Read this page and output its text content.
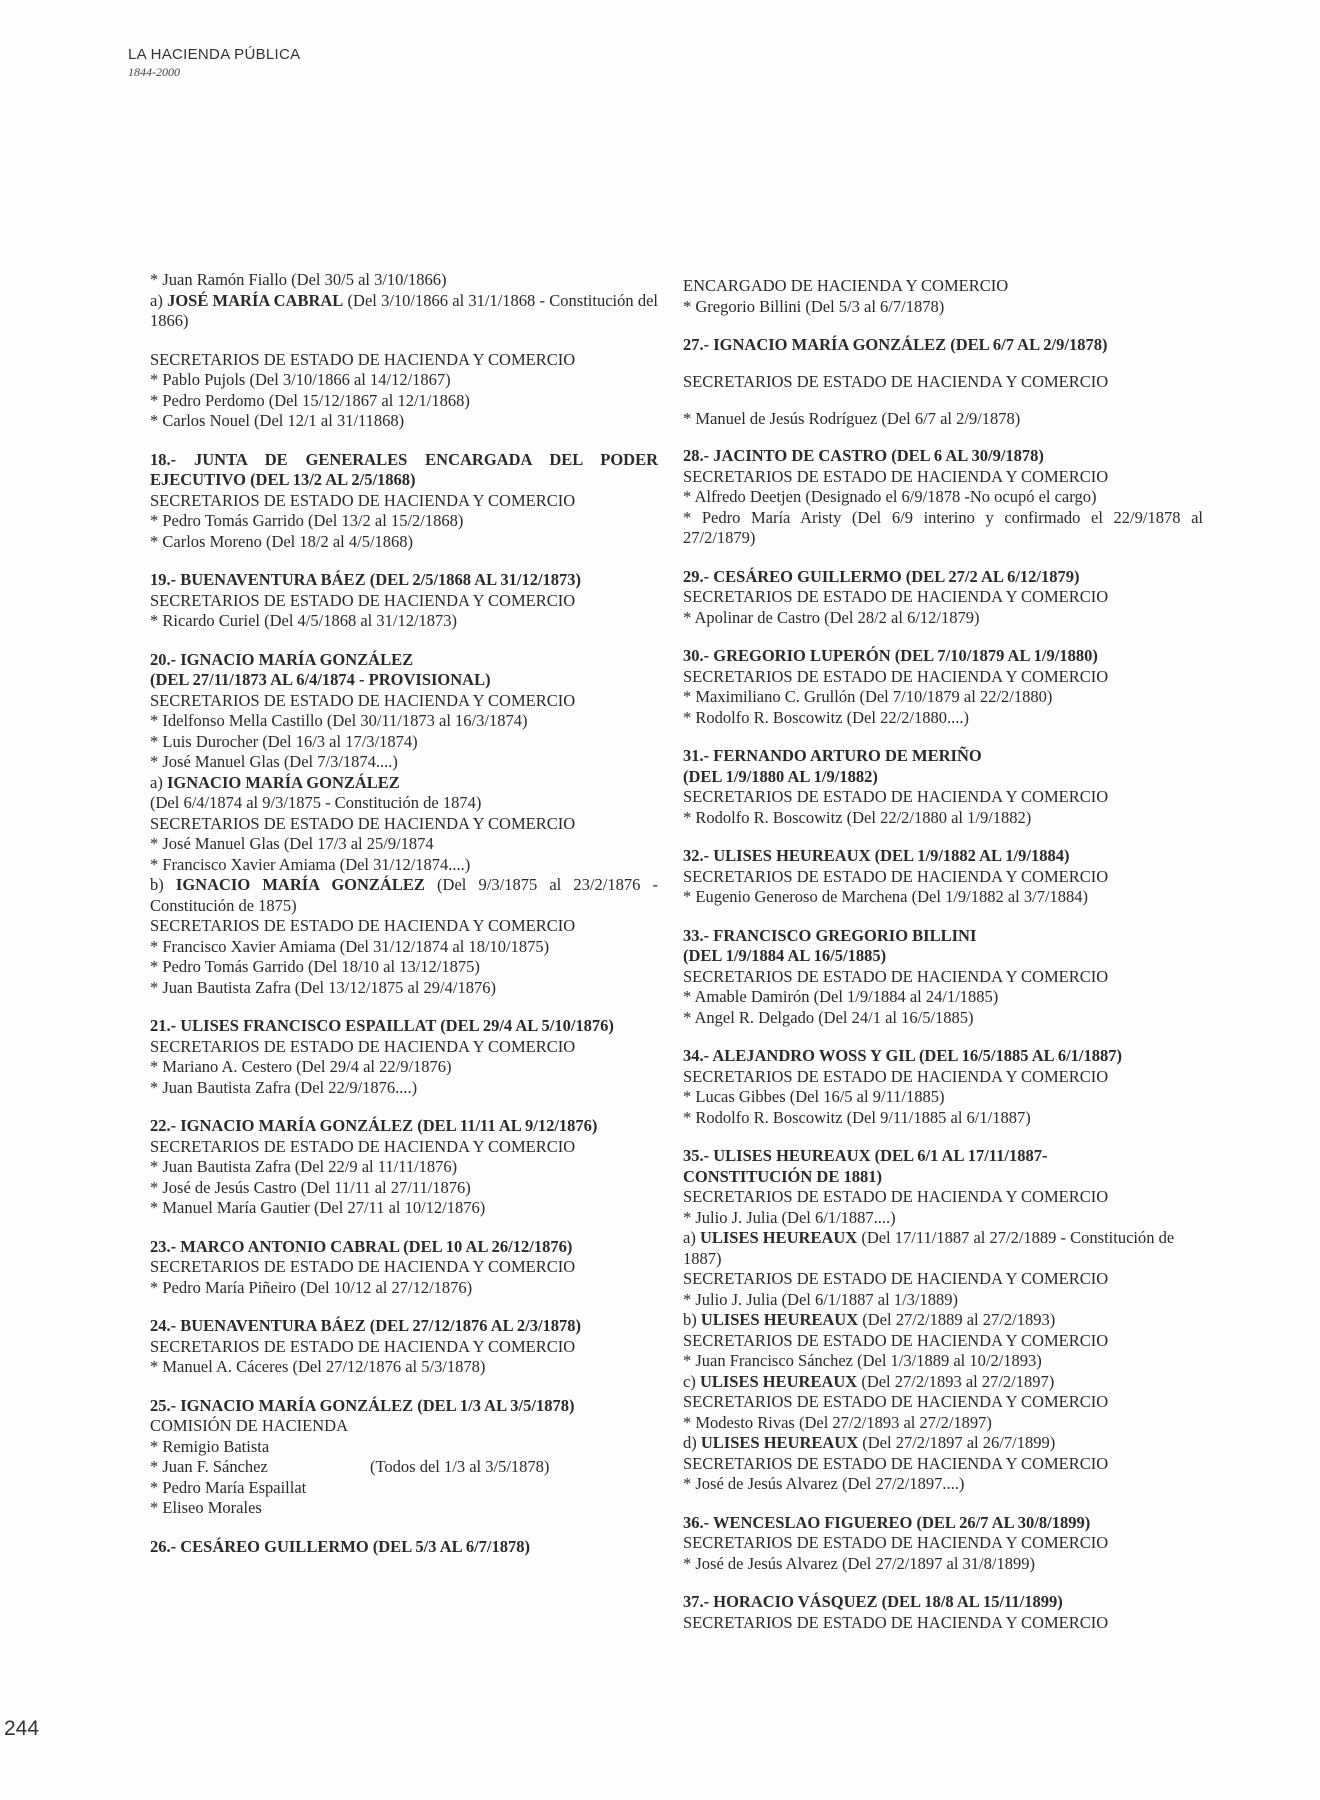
LA HACIENDA PÚBLICA
1844-2000

* Juan Ramón Fiallo (Del 30/5 al 3/10/1866)

a) JOSÉ MARÍA CABRAL (Del 3/10/1866 al 31/1/1868 - Constitución del 1866)

SECRETARIOS DE ESTADO DE HACIENDA Y COMERCIO

* Pablo Pujols (Del 3/10/1866 al 14/12/1867)

* Pedro Perdomo (Del 15/12/1867 al 12/1/1868)

* Carlos Nouel (Del 12/1 al 31/11868)

18.- JUNTA DE GENERALES ENCARGADA DEL PODER EJECUTIVO (DEL 13/2 AL 2/5/1868)

SECRETARIOS DE ESTADO DE HACIENDA Y COMERCIO

* Pedro Tomás Garrido (Del 13/2 al 15/2/1868)

* Carlos Moreno (Del 18/2 al 4/5/1868)

19.- BUENAVENTURA BÁEZ (DEL 2/5/1868 AL 31/12/1873)

SECRETARIOS DE ESTADO DE HACIENDA Y COMERCIO

* Ricardo Curiel (Del 4/5/1868 al 31/12/1873)

20.- IGNACIO MARÍA GONZÁLEZ

(DEL 27/11/1873 AL 6/4/1874 - PROVISIONAL)

SECRETARIOS DE ESTADO DE HACIENDA Y COMERCIO

* Idelfonso Mella Castillo (Del 30/11/1873 al 16/3/1874)

* Luis Durocher (Del 16/3 al 17/3/1874)

* José Manuel Glas (Del 7/3/1874....)

a) IGNACIO MARÍA GONZÁLEZ

(Del 6/4/1874 al 9/3/1875 - Constitución de 1874)

SECRETARIOS DE ESTADO DE HACIENDA Y COMERCIO

* José Manuel Glas (Del 17/3 al 25/9/1874

* Francisco Xavier Amiama (Del 31/12/1874....)

b) IGNACIO MARÍA GONZÁLEZ (Del 9/3/1875 al 23/2/1876 - Constitución de 1875)

SECRETARIOS DE ESTADO DE HACIENDA Y COMERCIO

* Francisco Xavier Amiama (Del 31/12/1874 al 18/10/1875)

* Pedro Tomás Garrido (Del 18/10 al 13/12/1875)

* Juan Bautista Zafra (Del 13/12/1875 al 29/4/1876)

21.- ULISES FRANCISCO ESPAILLAT (DEL 29/4 AL 5/10/1876)

SECRETARIOS DE ESTADO DE HACIENDA Y COMERCIO

* Mariano A. Cestero (Del 29/4 al 22/9/1876)

* Juan Bautista Zafra (Del 22/9/1876....)

22.- IGNACIO MARÍA GONZÁLEZ (DEL 11/11 AL 9/12/1876)

SECRETARIOS DE ESTADO DE HACIENDA Y COMERCIO

* Juan Bautista Zafra (Del 22/9 al 11/11/1876)

* José de Jesús Castro (Del 11/11 al 27/11/1876)

* Manuel María Gautier (Del 27/11 al 10/12/1876)

23.- MARCO ANTONIO CABRAL (DEL 10 AL 26/12/1876)

SECRETARIOS DE ESTADO DE HACIENDA Y COMERCIO

* Pedro María Piñeiro (Del 10/12 al 27/12/1876)

24.- BUENAVENTURA BÁEZ (DEL 27/12/1876 AL 2/3/1878)

SECRETARIOS DE ESTADO DE HACIENDA Y COMERCIO

* Manuel A. Cáceres (Del 27/12/1876 al 5/3/1878)

25.- IGNACIO MARÍA GONZÁLEZ (DEL 1/3 AL 3/5/1878)

COMISIÓN DE HACIENDA

* Remigio Batista

* Juan F. Sánchez

* Pedro María Espaillat

* Eliseo Morales

(Todos del 1/3 al 3/5/1878)

26.- CESÁREO GUILLERMO (DEL 5/3 AL 6/7/1878)

ENCARGADO DE HACIENDA Y COMERCIO

* Gregorio Billini (Del 5/3 al 6/7/1878)

27.- IGNACIO MARÍA GONZÁLEZ (DEL 6/7 AL 2/9/1878)

SECRETARIOS DE ESTADO DE HACIENDA Y COMERCIO

* Manuel de Jesús Rodríguez (Del 6/7 al 2/9/1878)

28.- JACINTO DE CASTRO (DEL 6 AL 30/9/1878)

SECRETARIOS DE ESTADO DE HACIENDA Y COMERCIO

* Alfredo Deetjen (Designado el 6/9/1878 -No ocupó el cargo)

* Pedro María Aristy (Del 6/9 interino y confirmado el 22/9/1878 al 27/2/1879)

29.- CESÁREO GUILLERMO (DEL 27/2 AL 6/12/1879)

SECRETARIOS DE ESTADO DE HACIENDA Y COMERCIO

* Apolinar de Castro (Del 28/2 al 6/12/1879)

30.- GREGORIO LUPERÓN (DEL 7/10/1879 AL 1/9/1880)

SECRETARIOS DE ESTADO DE HACIENDA Y COMERCIO

* Maximiliano C. Grullón (Del 7/10/1879 al 22/2/1880)

* Rodolfo R. Boscowitz (Del 22/2/1880....)

31.- FERNANDO ARTURO DE MERIÑO

(DEL 1/9/1880 AL 1/9/1882)

SECRETARIOS DE ESTADO DE HACIENDA Y COMERCIO

* Rodolfo R. Boscowitz (Del 22/2/1880 al 1/9/1882)

32.- ULISES HEUREAUX (DEL 1/9/1882 AL 1/9/1884)

SECRETARIOS DE ESTADO DE HACIENDA Y COMERCIO

* Eugenio Generoso de Marchena (Del 1/9/1882 al 3/7/1884)

33.- FRANCISCO GREGORIO BILLINI

(DEL 1/9/1884 AL 16/5/1885)

SECRETARIOS DE ESTADO DE HACIENDA Y COMERCIO

* Amable Damirón (Del 1/9/1884 al 24/1/1885)

* Angel R. Delgado (Del 24/1 al 16/5/1885)

34.- ALEJANDRO WOSS Y GIL (DEL 16/5/1885 AL 6/1/1887)

SECRETARIOS DE ESTADO DE HACIENDA Y COMERCIO

* Lucas Gibbes (Del 16/5 al 9/11/1885)

* Rodolfo R. Boscowitz (Del 9/11/1885 al 6/1/1887)

35.- ULISES HEUREAUX (DEL 6/1 AL 17/11/1887-

CONSTITUCIÓN DE 1881)

SECRETARIOS DE ESTADO DE HACIENDA Y COMERCIO

* Julio J. Julia (Del 6/1/1887....)

a) ULISES HEUREAUX (Del 17/11/1887 al 27/2/1889 - Constitución de 1887)

SECRETARIOS DE ESTADO DE HACIENDA Y COMERCIO

* Julio J. Julia (Del 6/1/1887 al 1/3/1889)

b) ULISES HEUREAUX (Del 27/2/1889 al 27/2/1893)

SECRETARIOS DE ESTADO DE HACIENDA Y COMERCIO

* Juan Francisco Sánchez (Del 1/3/1889 al 10/2/1893)

c) ULISES HEUREAUX (Del 27/2/1893 al 27/2/1897)

SECRETARIOS DE ESTADO DE HACIENDA Y COMERCIO

* Modesto Rivas (Del 27/2/1893 al 27/2/1897)

d) ULISES HEUREAUX (Del 27/2/1897 al 26/7/1899)

SECRETARIOS DE ESTADO DE HACIENDA Y COMERCIO

* José de Jesús Alvarez (Del 27/2/1897....)

36.- WENCESLAO FIGUEREO (DEL 26/7 AL 30/8/1899)

SECRETARIOS DE ESTADO DE HACIENDA Y COMERCIO

* José de Jesús Alvarez (Del 27/2/1897 al 31/8/1899)

37.- HORACIO VÁSQUEZ (DEL 18/8 AL 15/11/1899)

SECRETARIOS DE ESTADO DE HACIENDA Y COMERCIO

244
